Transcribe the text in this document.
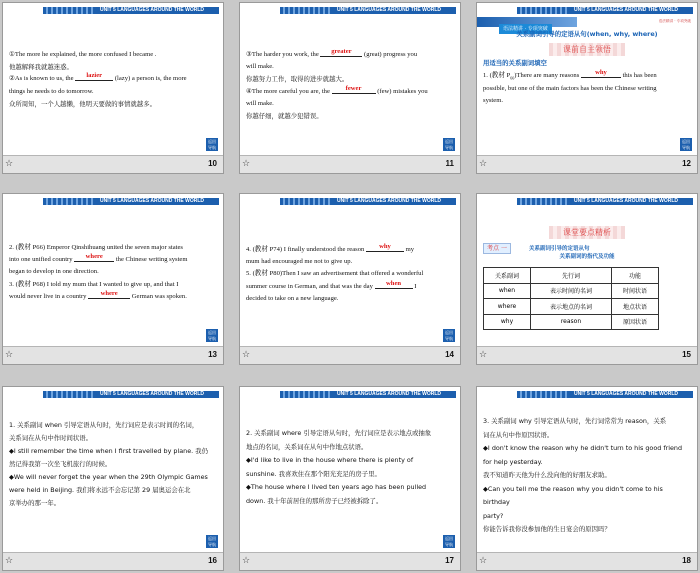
UNIT 5 LANGUAGES AROUND THE WORLD

①The more he explained, the more confused I became .

他越解释我就越迷惑。

②As is known to us, the lazier (lazy) a person is, the more

things he needs to do tomorrow.

众所周知，一个人越懒，他明天要做的事情就越多。

返回
导航
☆	10
UNIT 5 LANGUAGES AROUND THE WORLD

③The harder you work, the greater (great) progress you

will make.

你越努力工作，取得的进步就越大。

④The more careful you are, the fewer (few) mistakes you

will make.

你越仔细，就越少犯错误。

返回
导航
☆	11
UNIT 5 LANGUAGES AROUND THE WORLD
语法精讲 · 专项突破
语法精讲 · 专项突破

关系副词引导的定语从句(when, why, where)

课前自主领悟

用适当的关系副词填空

1. (教材 $P_{66})There$ are many reasons why this has been

possible, but one of the main factors has been the Chinese writing

system.

返回
导航
☆	12
UNIT 5 LANGUAGES AROUND THE WORLD

2. (教材 P66) Emperor Qinshihuang united the seven major states

into one unified country where the Chinese writing system

began to develop in one direction.

3. (教材 P68) I told my mum that I wanted to give up, and that I

would never live in a country where German was spoken.

返回
导航
☆	13
UNIT 5 LANGUAGES AROUND THE WORLD

4. (教材 P74) I finally understood the reason why my

mum had encouraged me not to give up.

5. (教材 P80)Then I saw an advertisement that offered a wonderful

summer course in German, and that was the day when I

decided to take on a new language.

返回
导航
☆	14
UNIT 5 LANGUAGES AROUND THE WORLD
课堂要点精析
考点 一	关系副词引导的定语从句
关系副词的指代及功能
关系副词	先行词	功能
when	表示时间的名词	时间状语
where	表示地点的名词	地点状语
why	reason	原因状语
☆	15
UNIT 5 LANGUAGES AROUND THE WORLD

1. 关系副词 when 引导定语从句时，先行词应是表示时间的名词，

关系词在从句中作时间状语。

◆I still remember the time when I first travelled by plane. 我仍

然记得我第一次坐飞机旅行的时候。

◆We will never forget the year when the 29th Olympic Games

were held in Beijing. 我们将永远不会忘记第 29 届奥运会在北

京举办的那一年。

返回
导航
☆	16
UNIT 5 LANGUAGES AROUND THE WORLD

2. 关系副词 where 引导定语从句时，先行词应是表示地点或抽象

地点的名词，关系词在从句中作地点状语。

◆I'd like to live in the house where there is plenty of

sunshine. 我喜欢住在那个阳光充足的房子里。

◆The house where I lived ten years ago has been pulled

down. 我十年前居住的那所房子已经被拆除了。

返回
导航
☆	17
UNIT 5 LANGUAGES AROUND THE WORLD

3. 关系副词 why 引导定语从句时，先行词常常为 reason，关系

词在从句中作原因状语。

◆I don't know the reason why he didn't turn to his good friend

for help yesterday.

我不知道昨天他为什么没向他的好朋友求助。

◆Can you tell me the reason why you didn't come to his birthday

party?

你能告诉我你没参加他的生日宴会的原因吗？

☆	18
